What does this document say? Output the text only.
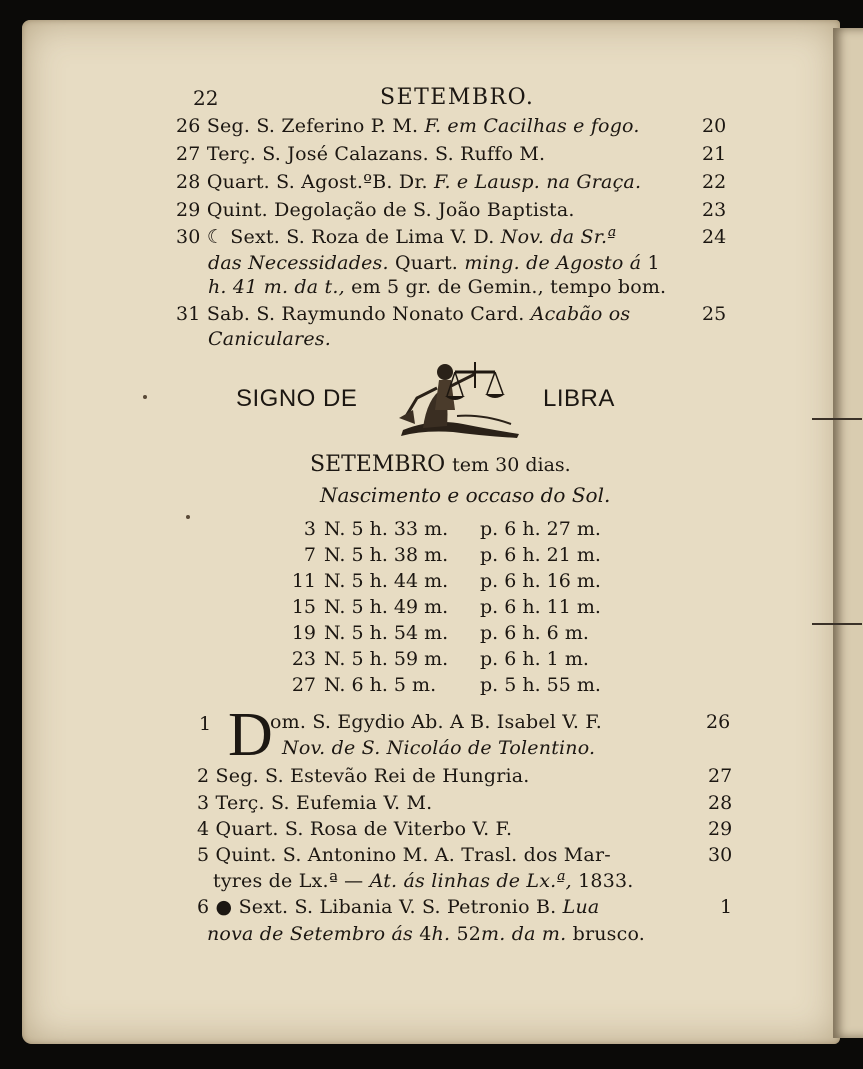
22	SETEMBRO.
26 Seg. S. Zeferino P. M. F. em Cacilhas e fogo.	20
27 Terç. S. José Calazans. S. Ruffo M.	21
28 Quart. S. Agost.ºB. Dr. F. e Lausp. na Graça.	22
29 Quint. Degolação de S. João Baptista.	23
30 ☾ Sext. S. Roza de Lima V. D. Nov. da Sr.ª	24
das Necessidades. Quart. ming. de Agosto á 1
h. 41 m. da t., em 5 gr. de Gemin., tempo bom.
31 Sab. S. Raymundo Nonato Card. Acabão os	25
Caniculares.
SIGNO DE	LIBRA
SETEMBRO tem 30 dias.
Nascimento e occaso do Sol.
3 N. 5 h. 33 m. p. 6 h. 27 m.
7 N. 5 h. 38 m. p. 6 h. 21 m.
11 N. 5 h. 44 m. p. 6 h. 16 m.
15 N. 5 h. 49 m. p. 6 h. 11 m.
19 N. 5 h. 54 m. p. 6 h. 6 m.
23 N. 5 h. 59 m. p. 6 h. 1 m.
27 N. 6 h. 5 m. p. 5 h. 55 m.
1 D
om. S. Egydio Ab. A B. Isabel V. F.	26
Nov. de S. Nicoláo de Tolentino.
2 Seg. S. Estevão Rei de Hungria.	27
3 Terç. S. Eufemia V. M.	28
4 Quart. S. Rosa de Viterbo V. F.	29
5 Quint. S. Antonino M. A. Trasl. dos Mar-	30
tyres de Lx.ª — At. ás linhas de Lx.ª, 1833.
6 ● Sext. S. Libania V. S. Petronio B. Lua	1
nova de Setembro ás 4h. 52m. da m. brusco.
